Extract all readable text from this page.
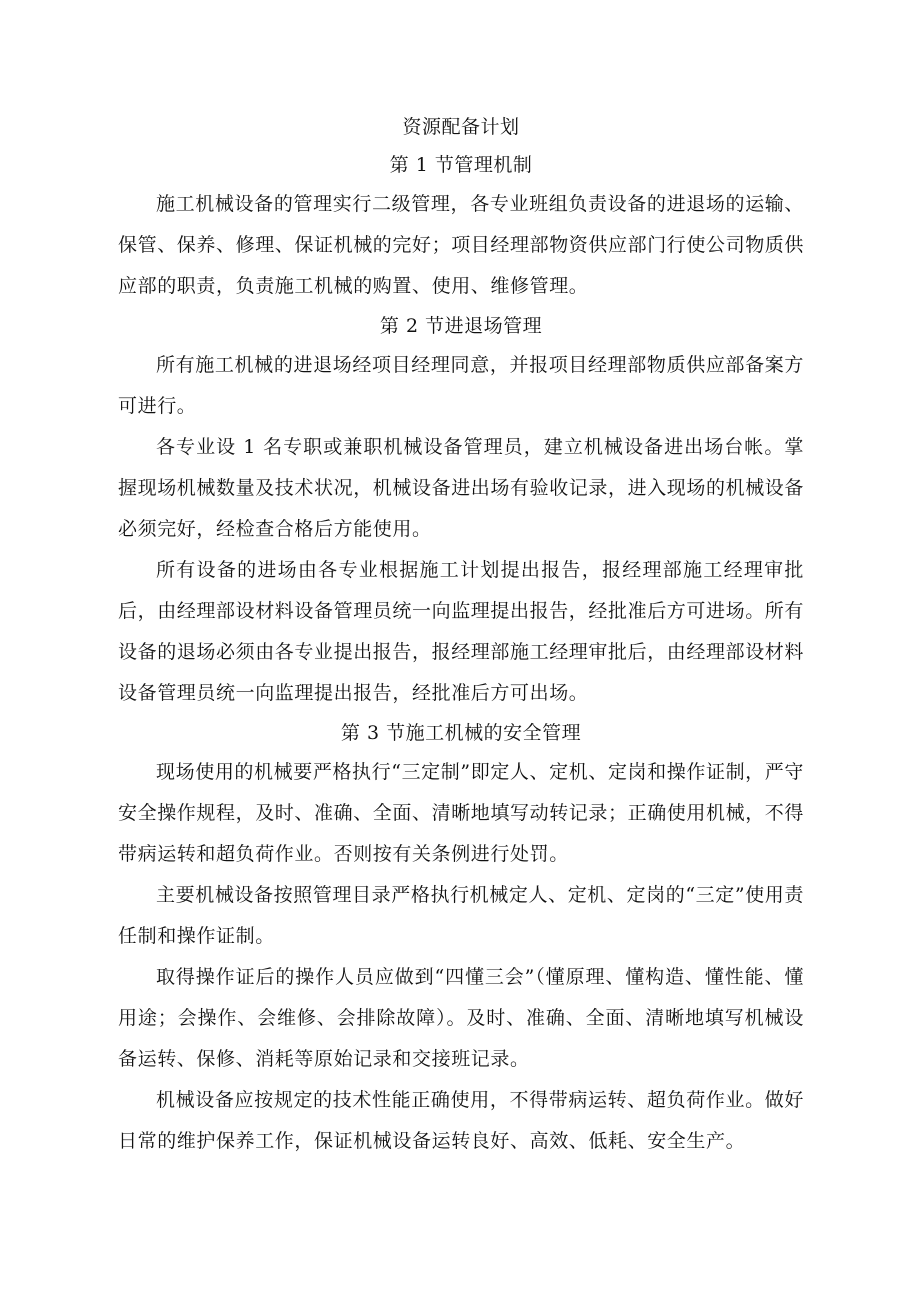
资源配备计划
第 1 节管理机制

施工机械设备的管理实行二级管理，各专业班组负责设备的进退场的运输、保管、保养、修理、保证机械的完好；项目经理部物资供应部门行使公司物质供应部的职责，负责施工机械的购置、使用、维修管理。

第 2 节进退场管理

所有施工机械的进退场经项目经理同意，并报项目经理部物质供应部备案方可进行。

各专业设 1 名专职或兼职机械设备管理员，建立机械设备进出场台帐。掌握现场机械数量及技术状况，机械设备进出场有验收记录，进入现场的机械设备必须完好，经检查合格后方能使用。

所有设备的进场由各专业根据施工计划提出报告，报经理部施工经理审批后，由经理部设材料设备管理员统一向监理提出报告，经批准后方可进场。所有设备的退场必须由各专业提出报告，报经理部施工经理审批后，由经理部设材料设备管理员统一向监理提出报告，经批准后方可出场。

第 3 节施工机械的安全管理

现场使用的机械要严格执行“三定制”即定人、定机、定岗和操作证制，严守安全操作规程，及时、准确、全面、清晰地填写动转记录；正确使用机械，不得带病运转和超负荷作业。否则按有关条例进行处罚。

主要机械设备按照管理目录严格执行机械定人、定机、定岗的“三定”使用责任制和操作证制。

取得操作证后的操作人员应做到“四懂三会”（懂原理、懂构造、懂性能、懂用途；会操作、会维修、会排除故障）。及时、准确、全面、清晰地填写机械设备运转、保修、消耗等原始记录和交接班记录。

机械设备应按规定的技术性能正确使用，不得带病运转、超负荷作业。做好日常的维护保养工作，保证机械设备运转良好、高效、低耗、安全生产。
